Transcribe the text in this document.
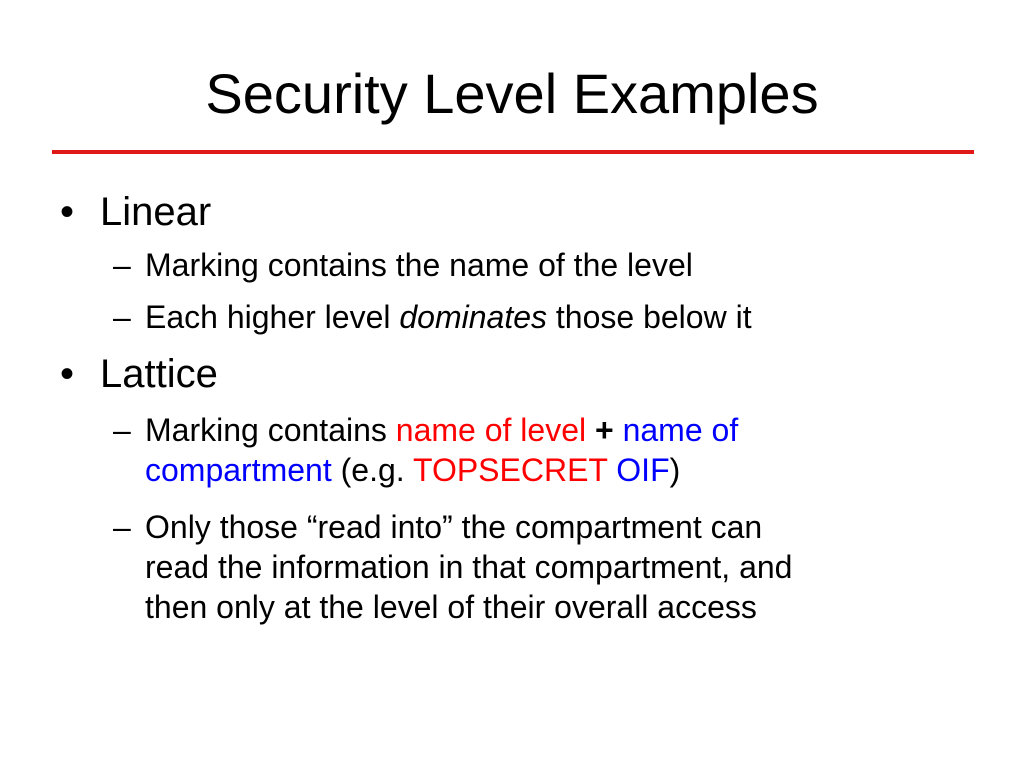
Security Level Examples
• Linear
– Marking contains the name of the level
– Each higher level dominates those below it
• Lattice
– Marking contains name of level + name of
compartment (e.g. TOPSECRET OIF)
– Only those “read into” the compartment can
read the information in that compartment, and
then only at the level of their overall access
